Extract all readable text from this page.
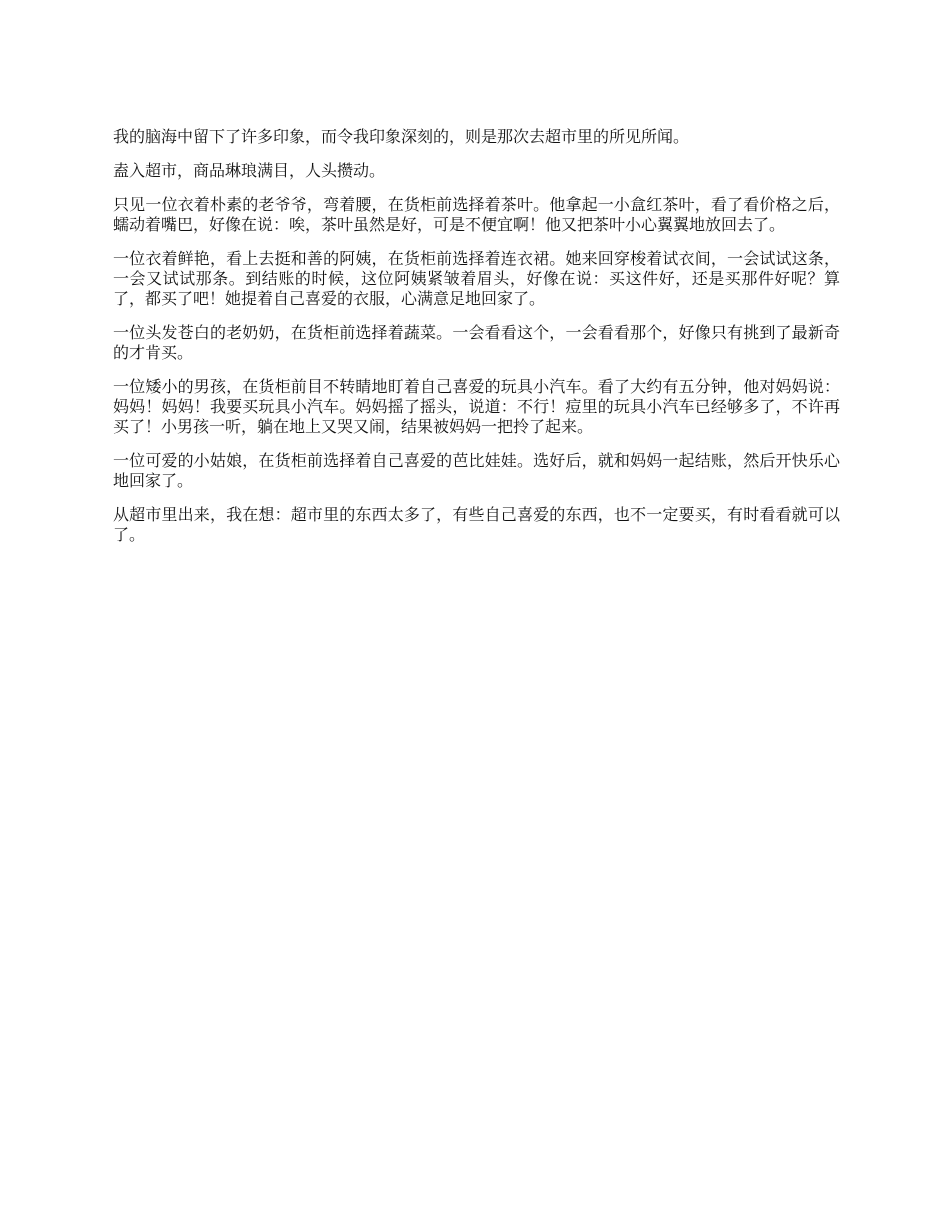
我的脑海中留下了许多印象，而令我印象深刻的，则是那次去超市里的所见所闻。

盍入超市，商品琳琅满目，人头攒动。

只见一位衣着朴素的老爷爷，弯着腰，在货柜前选择着茶叶。他拿起一小盒红茶叶，看了看价格之后，蠕动着嘴巴，好像在说：唉，茶叶虽然是好，可是不便宜啊！他又把茶叶小心翼翼地放回去了。

一位衣着鲜艳，看上去挺和善的阿姨，在货柜前选择着连衣裙。她来回穿梭着试衣间，一会试试这条，一会又试试那条。到结账的时候，这位阿姨紧皱着眉头，好像在说：买这件好，还是买那件好呢？算了，都买了吧！她提着自己喜爱的衣服，心满意足地回家了。

一位头发苍白的老奶奶，在货柜前选择着蔬菜。一会看看这个，一会看看那个，好像只有挑到了最新奇的才肯买。

一位矮小的男孩，在货柜前目不转睛地盯着自己喜爱的玩具小汽车。看了大约有五分钟，他对妈妈说：妈妈！妈妈！我要买玩具小汽车。妈妈摇了摇头，说道：不行！痘里的玩具小汽车已经够多了，不许再买了！小男孩一听，躺在地上又哭又闹，结果被妈妈一把拎了起来。

一位可爱的小姑娘，在货柜前选择着自己喜爱的芭比娃娃。选好后，就和妈妈一起结账，然后开快乐心地回家了。

从超市里出来，我在想：超市里的东西太多了，有些自己喜爱的东西，也不一定要买，有时看看就可以了。
